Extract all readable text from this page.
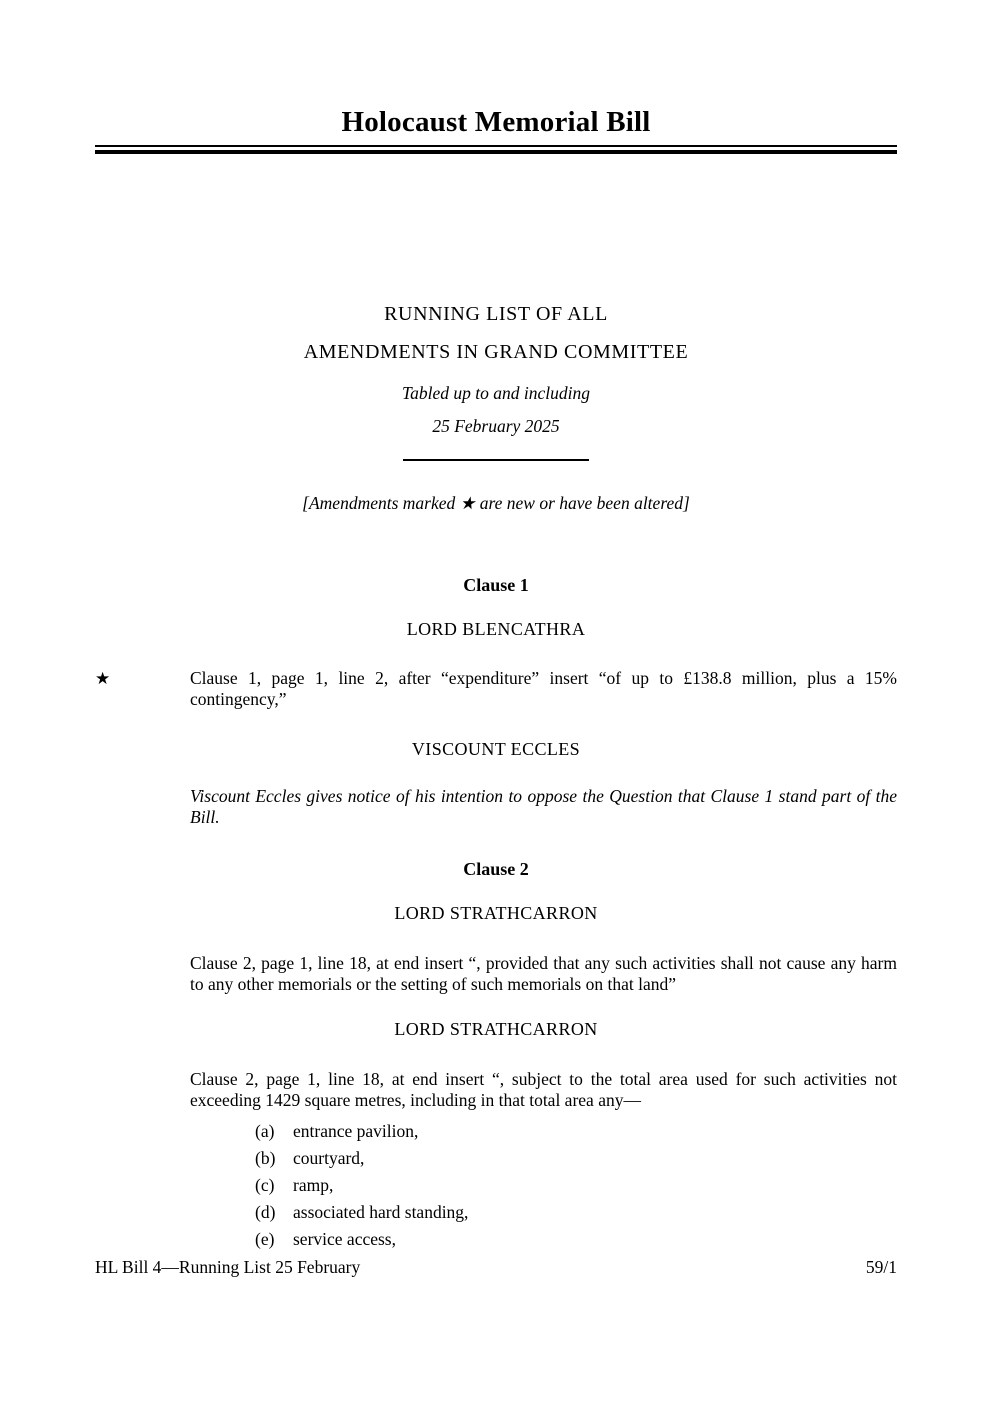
Holocaust Memorial Bill
RUNNING LIST OF ALL
AMENDMENTS IN GRAND COMMITTEE
Tabled up to and including
25 February 2025
[Amendments marked ★ are new or have been altered]
Clause 1
LORD BLENCATHRA
★	Clause 1, page 1, line 2, after “expenditure” insert “of up to £138.8 million, plus a 15% contingency,”
VISCOUNT ECCLES
Viscount Eccles gives notice of his intention to oppose the Question that Clause 1 stand part of the Bill.
Clause 2
LORD STRATHCARRON
Clause 2, page 1, line 18, at end insert “, provided that any such activities shall not cause any harm to any other memorials or the setting of such memorials on that land”
LORD STRATHCARRON
Clause 2, page 1, line 18, at end insert “, subject to the total area used for such activities not exceeding 1429 square metres, including in that total area any—
(a) entrance pavilion,
(b) courtyard,
(c) ramp,
(d) associated hard standing,
(e) service access,
HL Bill 4—Running List 25 February	59/1
